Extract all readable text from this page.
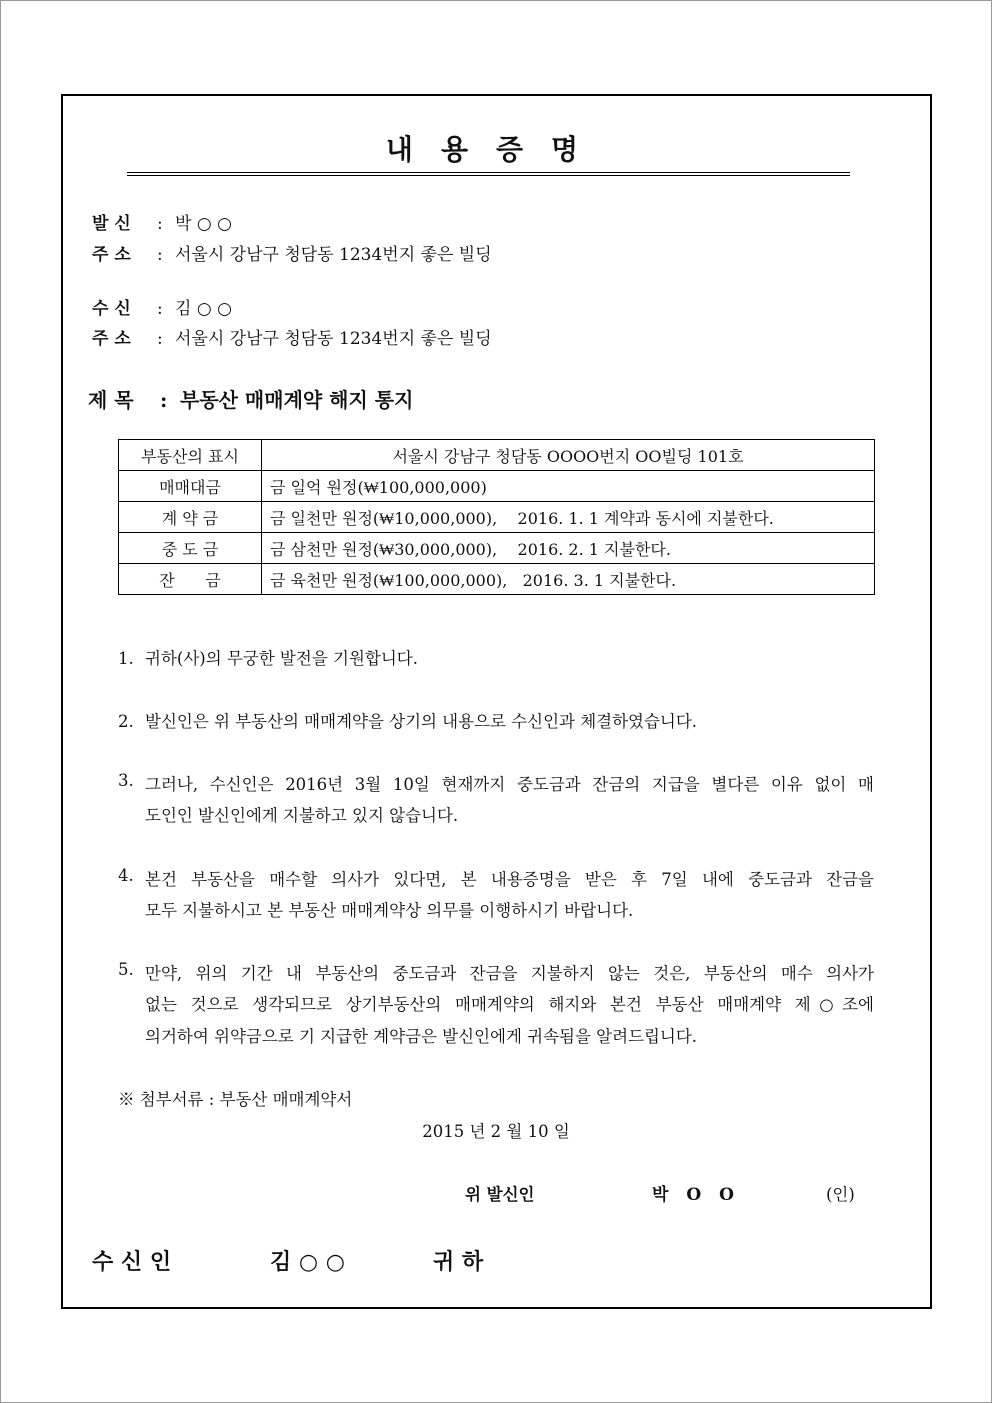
내용증명
발 신 : 박 ○ ○
주 소 : 서울시 강남구 청담동 1234번지 좋은 빌딩
수 신 : 김 ○ ○
주 소 : 서울시 강남구 청담동 1234번지 좋은 빌딩
제 목 : 부동산 매매계약 해지 통지
부동산의 표시	서울시 강남구 청담동 OOOO번지 OO빌딩 101호
매매대금	금 일억 원정(₩100,000,000)
계 약 금	금 일천만 원정(₩10,000,000),    2016. 1. 1 계약과 동시에 지불한다.
중 도 금	금 삼천만 원정(₩30,000,000),    2016. 2. 1 지불한다.
잔      금	금 육천만 원정(₩100,000,000),   2016. 3. 1 지불한다.
1. 귀하(사)의 무궁한 발전을 기원합니다.
2. 발신인은 위 부동산의 매매계약을 상기의 내용으로 수신인과 체결하였습니다.
3. 그러나, 수신인은 2016년 3월 10일 현재까지 중도금과 잔금의 지급을 별다른 이유 없이 매
도인인 발신인에게 지불하고 있지 않습니다.
4. 본건 부동산을 매수할 의사가 있다면, 본 내용증명을 받은 후 7일 내에 중도금과 잔금을
모두 지불하시고 본 부동산 매매계약상 의무를 이행하시기 바랍니다.
5. 만약, 위의 기간 내 부동산의 중도금과 잔금을 지불하지 않는 것은, 부동산의 매수 의사가
없는 것으로 생각되므로 상기부동산의 매매계약의 해지와 본건 부동산 매매계약 제○조에
의거하여 위약금으로 기 지급한 계약금은 발신인에게 귀속됨을 알려드립니다.
※ 첨부서류 : 부동산 매매계약서
2015 년 2 월 10 일
위 발신인	박 O O	(인)
수 신 인	김 ○ ○	귀 하
